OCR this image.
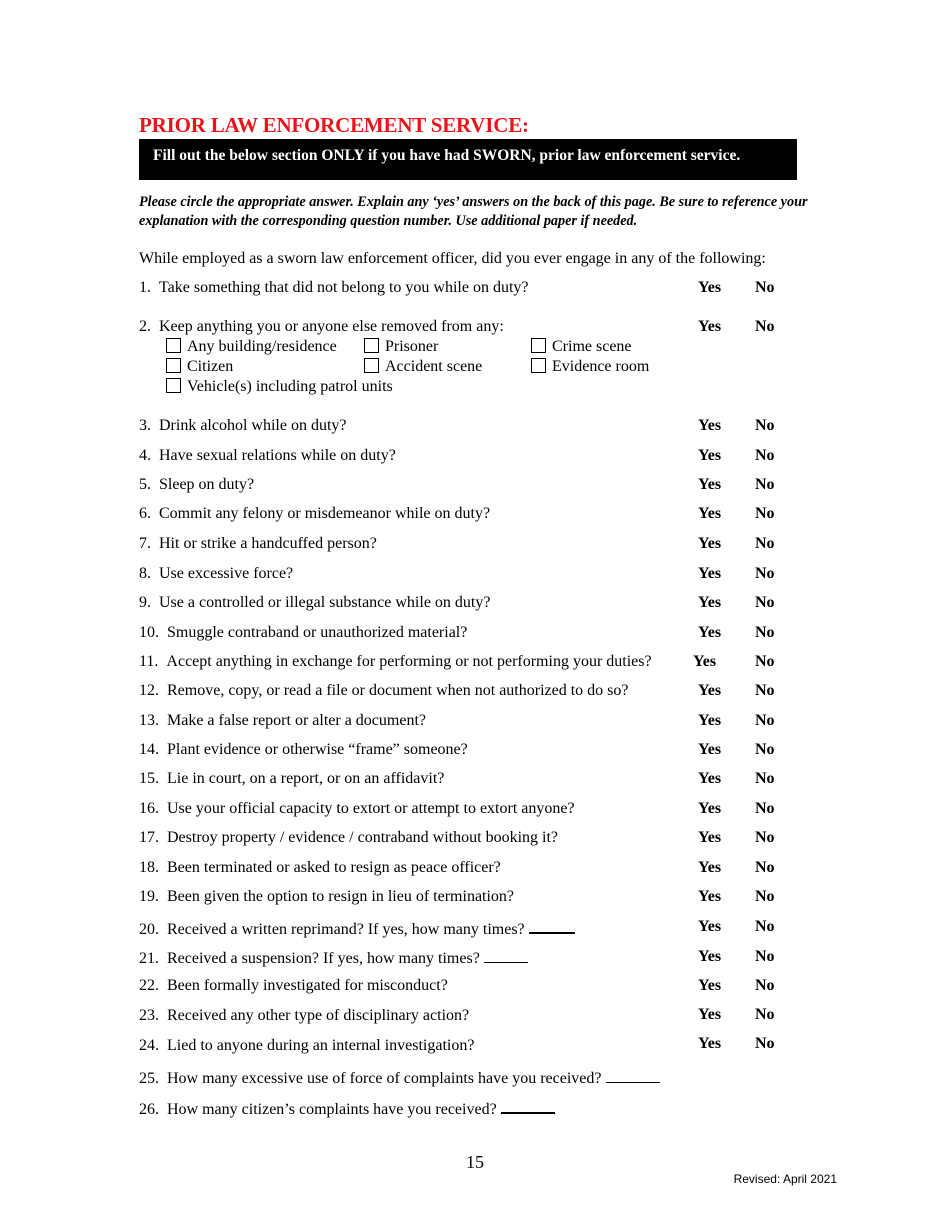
PRIOR LAW ENFORCEMENT SERVICE:
Fill out the below section ONLY if you have had SWORN, prior law enforcement service.
Please circle the appropriate answer. Explain any ‘yes’ answers on the back of this page. Be sure to reference your explanation with the corresponding question number. Use additional paper if needed.
While employed as a sworn law enforcement officer, did you ever engage in any of the following:
1. Take something that did not belong to you while on duty?	Yes No
2. Keep anything you or anyone else removed from any:	Yes No
Any building/residence	Prisoner	Crime scene
Citizen	Accident scene	Evidence room
Vehicle(s) including patrol units
3. Drink alcohol while on duty?	Yes No
4. Have sexual relations while on duty?	Yes No
5. Sleep on duty?	Yes No
6. Commit any felony or misdemeanor while on duty?	Yes No
7. Hit or strike a handcuffed person?	Yes No
8. Use excessive force?	Yes No
9. Use a controlled or illegal substance while on duty?	Yes No
10. Smuggle contraband or unauthorized material?	Yes No
11. Accept anything in exchange for performing or not performing your duties?	Yes No
12. Remove, copy, or read a file or document when not authorized to do so?	Yes No
13. Make a false report or alter a document?	Yes No
14. Plant evidence or otherwise “frame” someone?	Yes No
15. Lie in court, on a report, or on an affidavit?	Yes No
16. Use your official capacity to extort or attempt to extort anyone?	Yes No
17. Destroy property / evidence / contraband without booking it?	Yes No
18. Been terminated or asked to resign as peace officer?	Yes No
19. Been given the option to resign in lieu of termination?	Yes No
20. Received a written reprimand? If yes, how many times?	Yes No
21. Received a suspension? If yes, how many times?	Yes No
22. Been formally investigated for misconduct?	Yes No
23. Received any other type of disciplinary action?	Yes No
24. Lied to anyone during an internal investigation?	Yes No
25. How many excessive use of force of complaints have you received?
26. How many citizen’s complaints have you received?
15
Revised: April 2021
